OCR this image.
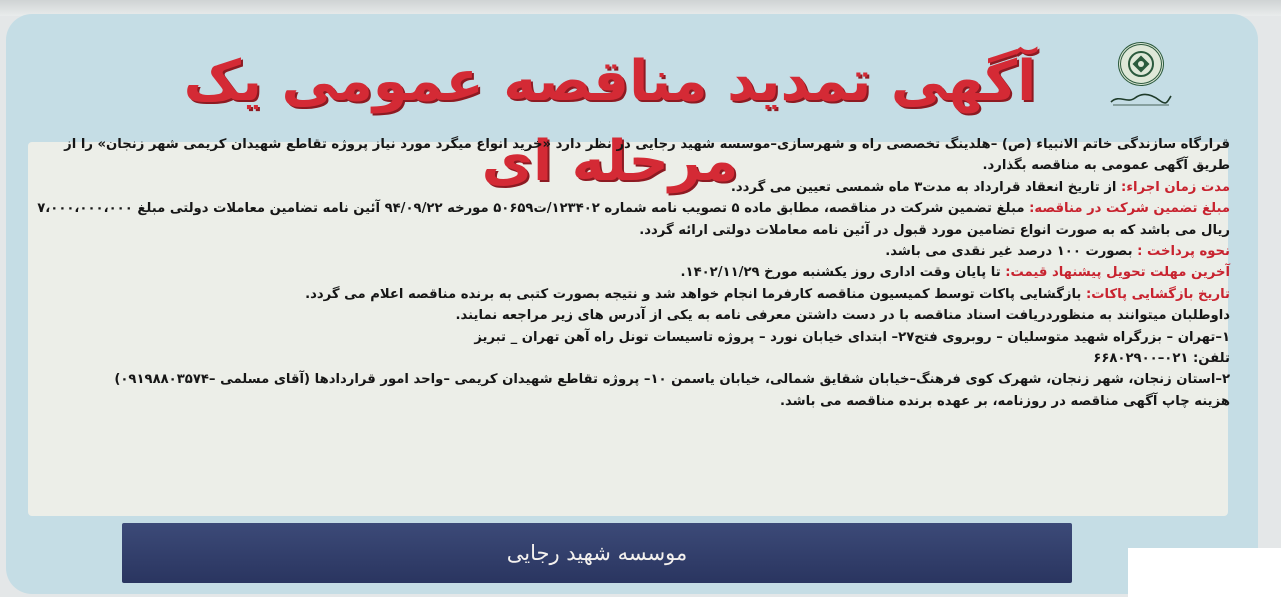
آگهی تمدید مناقصه عمومی یک مرحله ای

قرارگاه سازندگی خاتم الانبیاء (ص) –هلدینگ تخصصی راه و شهرسازی–موسسه شهید رجایی در نظر دارد «خرید انواع میگرد مورد نیاز پروژه تقاطع شهیدان کریمی شهر زنجان» را از طریق آگهی عمومی به مناقصه بگذارد.

مدت زمان اجراء: از تاریخ انعقاد قرارداد به مدت۳ ماه شمسی تعیین می گردد.

مبلغ تضمین شرکت در مناقصه: مبلغ تضمین شرکت در مناقصه، مطابق ماده ۵ تصویب نامه شماره ۱۲۳۴۰۲/ت۵۰۶۵۹ مورخه ۹۴/۰۹/۲۲ آئین نامه تضامین معاملات دولتی مبلغ ۷،۰۰۰،۰۰۰،۰۰۰ ریال می باشد که به صورت انواع تضامین مورد قبول در آئین نامه معاملات دولتی ارائه گردد.

نحوه پرداخت : بصورت ۱۰۰ درصد غیر نقدی می باشد.

آخرین مهلت تحویل پیشنهاد قیمت: تا پایان وقت اداری روز یکشنبه مورخ ۱۴۰۲/۱۱/۲۹.

تاریخ بازگشایی پاکات: بازگشایی پاکات توسط کمیسیون مناقصه کارفرما انجام خواهد شد و نتیجه بصورت کتبی به برنده مناقصه اعلام می گردد.

داوطلبان میتوانند به منظوردریافت اسناد مناقصه با در دست داشتن معرفی نامه به یکی از آدرس های زیر مراجعه نمایند.

۱–تهران – بزرگراه شهید متوسلیان – روبروی فتح۲۷– ابتدای خیابان نورد – پروژه تاسیسات تونل راه آهن تهران _ تبریز

تلفن: ۰۲۱–۶۶۸۰۲۹۰۰

۲–استان زنجان، شهر زنجان، شهرک کوی فرهنگ–خیابان شقایق شمالی، خیابان یاسمن ۱۰– پروژه تقاطع شهیدان کریمی –واحد امور قراردادها (آقای مسلمی –۰۹۱۹۸۸۰۳۵۷۴)

هزینه چاپ آگهی مناقصه در روزنامه، بر عهده برنده مناقصه می باشد.

موسسه شهید رجایی
